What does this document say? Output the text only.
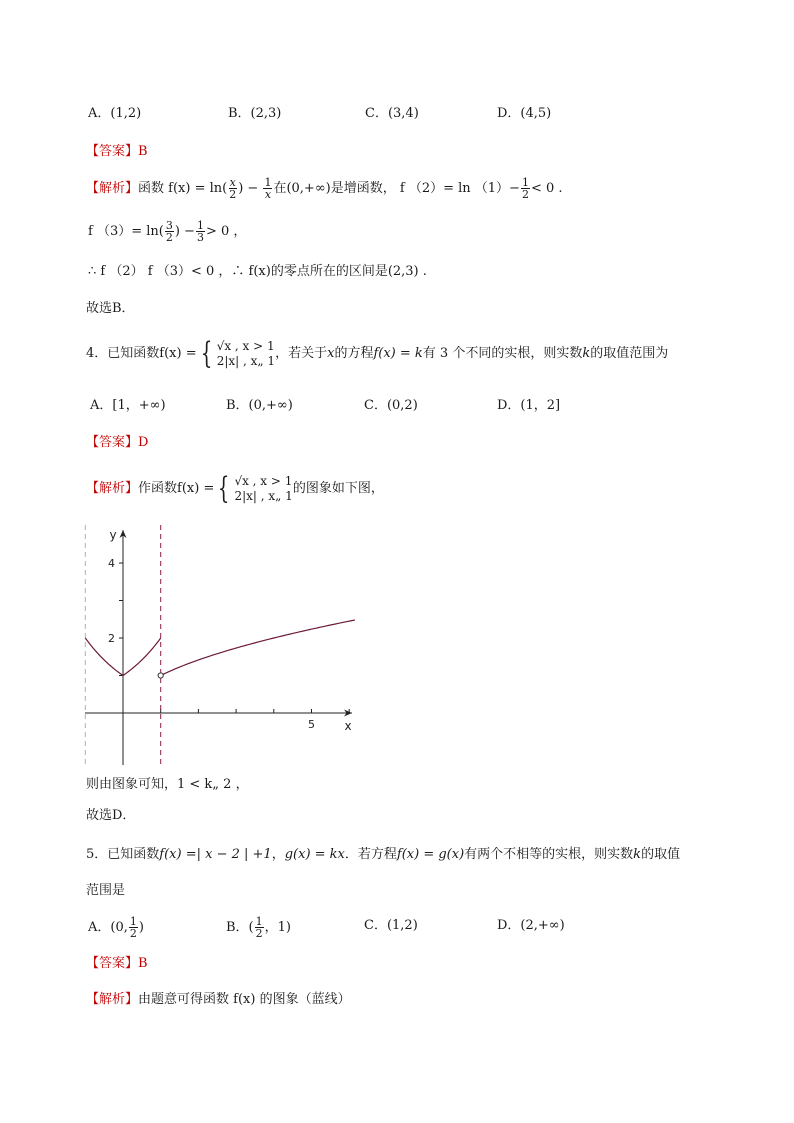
A．(1,2)	B．(2,3)	C．(3,4)	D．(4,5)
【答案】B
【解析】函数 $f(x) = \ln( \frac{x}{2}$ ) − $\frac{1}{x}$ 在(0,+∞)是增函数， f $(2)= \ln (1)- \frac{1}{2} < 0$ .
f $(3)= \ln( \frac{3}{2}$ ) − $\frac{1}{3} > 0$ ，
∴ f （2） f （3）< 0 ，∴ f(x)的零点所在的区间是(2,3) .
故选B．
4．已知函数f(x) = { √x , x > 1
2|x| , x„ 1 ，若关于x的方程f(x) = k有 3 个不同的实根，则实数k的取值范围为
A．[1，+∞)	B．(0,+∞)	C．(0,2)	D．(1，2]
【答案】D
【解析】作函数f(x) = { √x , x > 1
2|x| , x„ 1 的图象如下图，
5
2
4
x
y
则由图象可知，1 < k„ 2 ，
故选D．
5．已知函数f(x) =| x − 2 | +1，g(x) = kx．若方程f(x) = g(x)有两个不相等的实根，则实数k的取值
范围是
A．(0, $\frac{1}{2}$ )	B．( $\frac{1}{2}$ ，1)	C．(1,2)	D．(2,+∞)
【答案】B
【解析】由题意可得函数 f(x) 的图象（蓝线）
